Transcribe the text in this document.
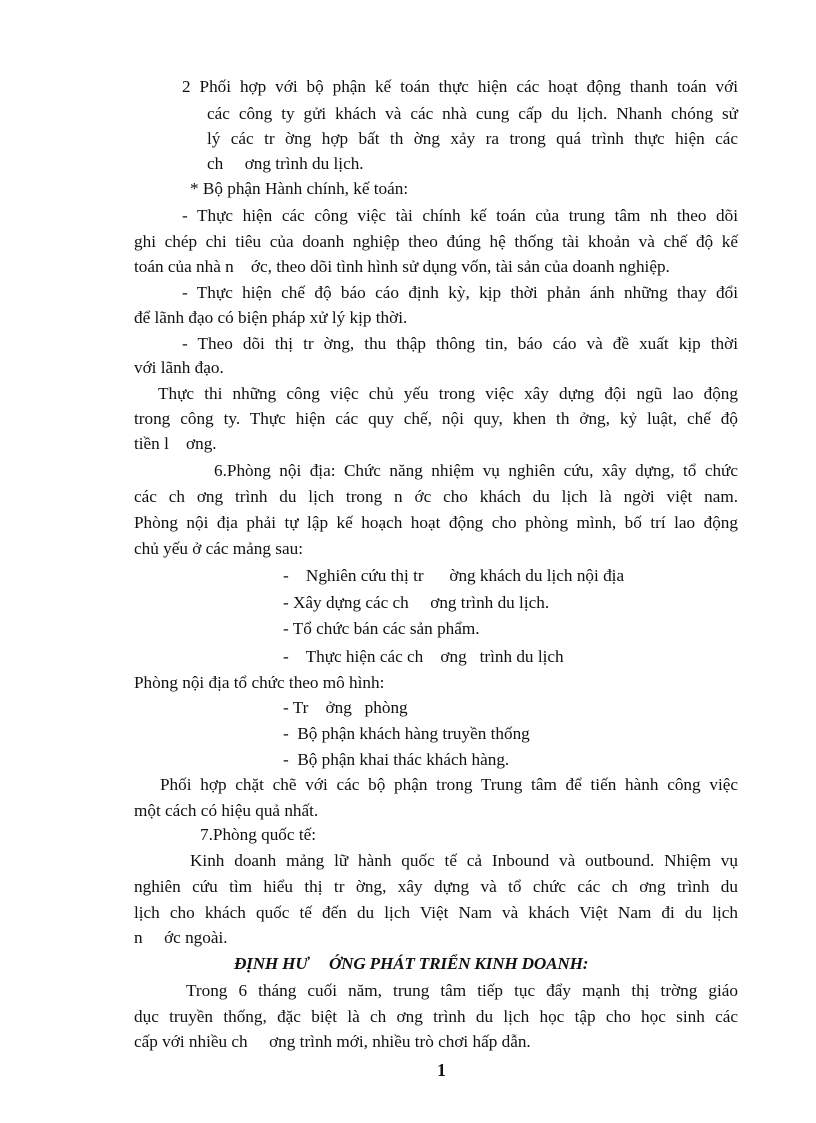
2 Phối hợp với bộ phận kế toán thực hiện các hoạt động thanh toán với
các công ty gửi khách và các nhà cung cấp du lịch. Nhanh chóng sử
lý các tr ờng hợp bất th ờng xảy ra trong quá trình thực hiện các
ch     ơng trình du lịch.
* Bộ phận Hành chính, kế toán:
- Thực hiện các công việc tài chính kế toán của trung tâm nh theo dõi
ghi chép chi tiêu của doanh nghiệp theo đúng hệ thống tài khoản và chế độ kế
toán của nhà n    ớc, theo dõi tình hình sử dụng vốn, tài sản của doanh nghiệp.
- Thực hiện chế độ báo cáo định kỳ, kịp thời phản ánh những thay đổi
để lãnh đạo có biện pháp xử lý kịp thời.
- Theo dõi thị tr ờng, thu thập thông tin, báo cáo và đề xuất kịp thời
với lãnh đạo.
Thực thi những công việc chủ yếu trong việc xây dựng đội ngũ lao động
trong công ty. Thực hiện các quy chế, nội quy, khen th ởng, kỷ luật, chế độ
tiền l    ơng.
6.Phòng nội địa: Chức năng nhiệm vụ nghiên cứu, xây dựng, tổ chức
các ch ơng trình du lịch trong n ớc cho khách du lịch là ngời việt nam.
Phòng nội địa phải tự lập kế hoạch hoạt động cho phòng mình, bố trí lao động
chủ yếu ở các mảng sau:
-    Nghiên cứu thị tr      ờng khách du lịch nội địa
- Xây dựng các ch     ơng trình du lịch.
- Tổ chức bán các sản phẩm.
-    Thực hiện các ch    ơng   trình du lịch
Phòng nội địa tổ chức theo mô hình:
- Tr    ởng   phòng
-  Bộ phận khách hàng truyền thống
-  Bộ phận khai thác khách hàng.
Phối hợp chặt chẽ với các bộ phận trong Trung tâm để tiến hành công việc
một cách có hiệu quả nhất.
7.Phòng quốc tế:
Kinh doanh mảng lữ hành quốc tế cả Inbound và outbound. Nhiệm vụ
nghiên cứu tìm hiểu thị tr ờng, xây dựng và tổ chức các ch ơng trình du
lịch cho khách quốc tế đến du lịch Việt Nam và khách Việt Nam đi du lịch
n     ớc ngoài.
ĐỊNH HƯ     ỚNG PHÁT TRIỂN KINH DOANH:
Trong 6 tháng cuối năm, trung tâm tiếp tục đẩy mạnh thị trờng giáo
dục truyền thống, đặc biệt là ch ơng trình du lịch học tập cho học sinh các
cấp với nhiều ch     ơng trình mới, nhiều trò chơi hấp dẫn.
1
